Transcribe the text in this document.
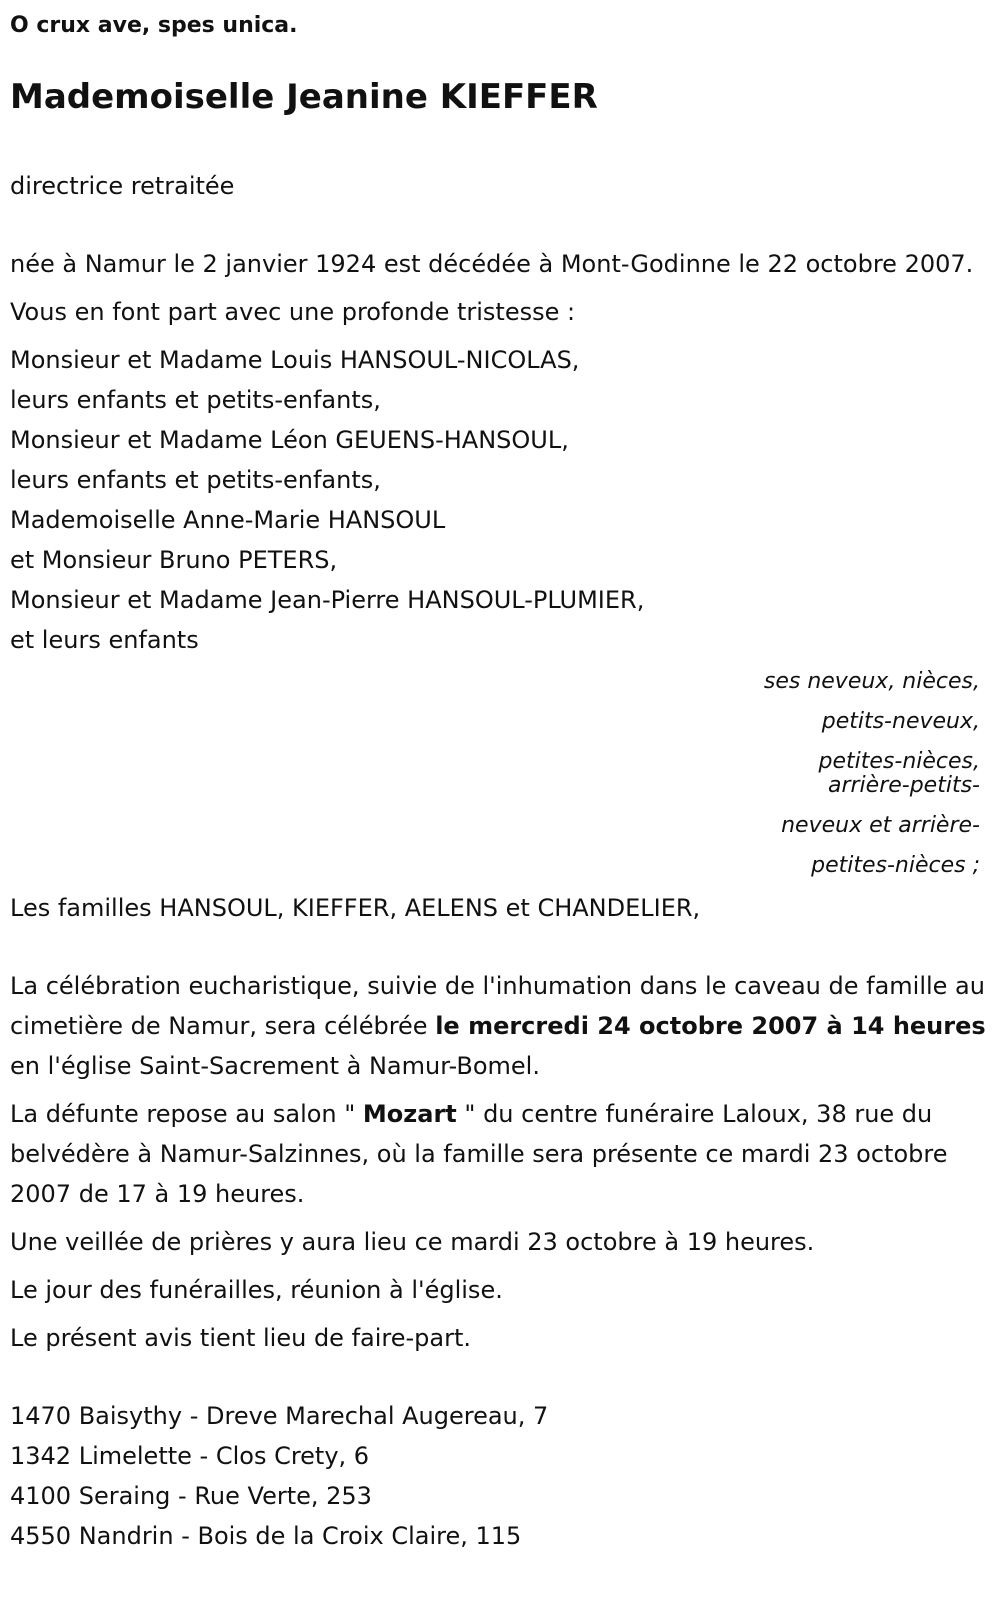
O crux ave, spes unica.

Mademoiselle Jeanine KIEFFER

directrice retraitée

née à Namur le 2 janvier 1924 est décédée à Mont-Godinne le 22 octobre 2007.

Vous en font part avec une profonde tristesse :

Monsieur et Madame Louis HANSOUL-NICOLAS,
leurs enfants et petits-enfants,
Monsieur et Madame Léon GEUENS-HANSOUL,
leurs enfants et petits-enfants,
Mademoiselle Anne-Marie HANSOUL
et Monsieur Bruno PETERS,
Monsieur et Madame Jean-Pierre HANSOUL-PLUMIER,
et leurs enfants
ses neveux, nièces,
petits-neveux,
petites-nièces,
arrière-petits-
neveux et arrière-
petites-nièces ;

Les familles HANSOUL, KIEFFER, AELENS et CHANDELIER,

La célébration eucharistique, suivie de l'inhumation dans le caveau de famille au cimetière de Namur, sera célébrée le mercredi 24 octobre 2007 à 14 heures en l'église Saint-Sacrement à Namur-Bomel.

La défunte repose au salon " Mozart " du centre funéraire Laloux, 38 rue du belvédère à Namur-Salzinnes, où la famille sera présente ce mardi 23 octobre 2007 de 17 à 19 heures.

Une veillée de prières y aura lieu ce mardi 23 octobre à 19 heures.

Le jour des funérailles, réunion à l'église.

Le présent avis tient lieu de faire-part.

1470 Baisythy - Dreve Marechal Augereau, 7
1342 Limelette - Clos Crety, 6
4100 Seraing - Rue Verte, 253
4550 Nandrin - Bois de la Croix Claire, 115
